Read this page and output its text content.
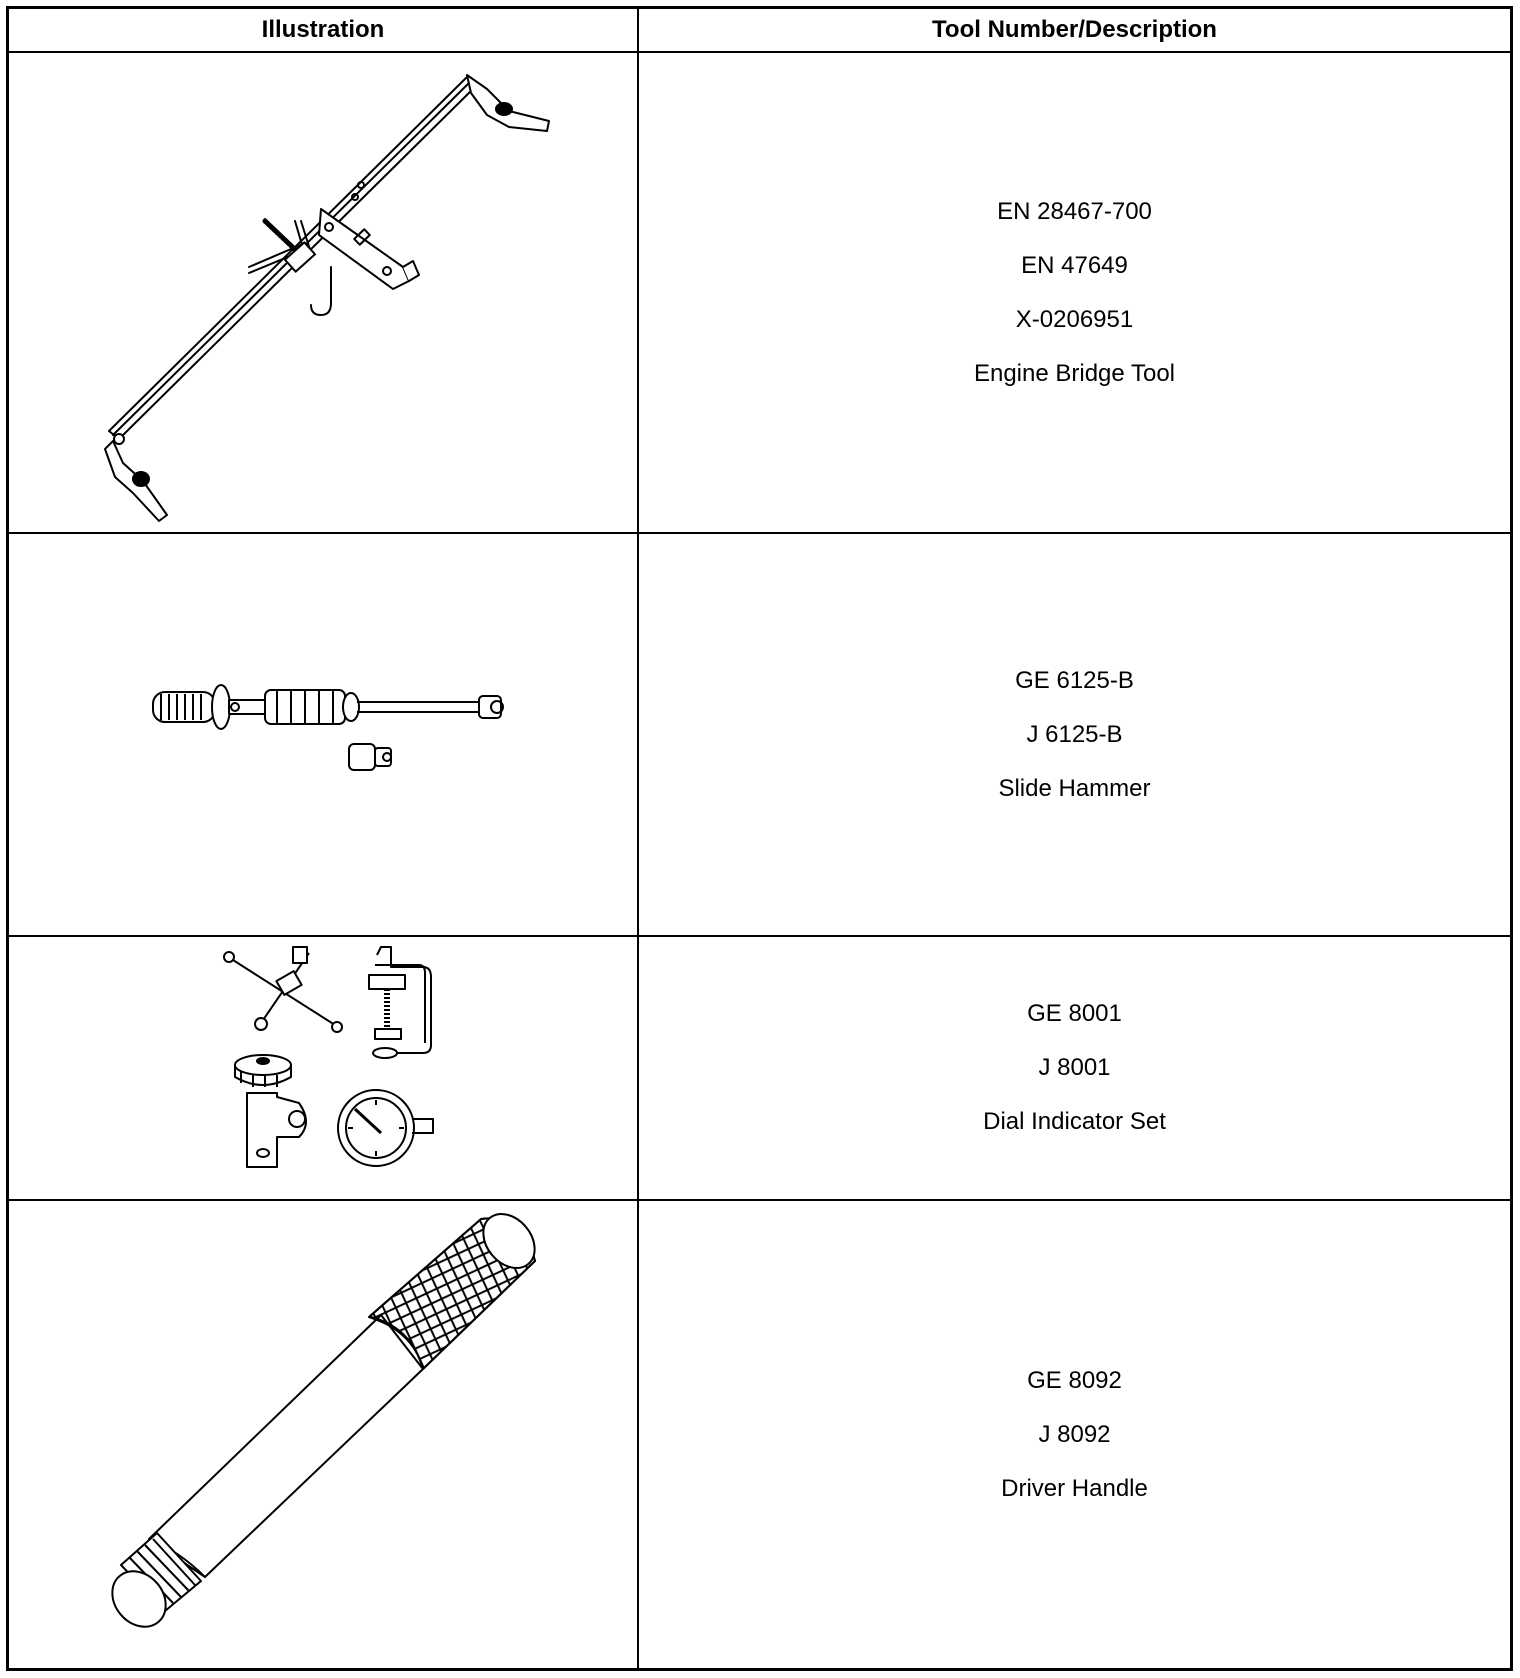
Illustration	Tool Number/Description
EN 28467-700
EN 47649
X-0206951
Engine Bridge Tool
GE 6125-B
J 6125-B
Slide Hammer
GE 8001
J 8001
Dial Indicator Set
GE 8092
J 8092
Driver Handle
